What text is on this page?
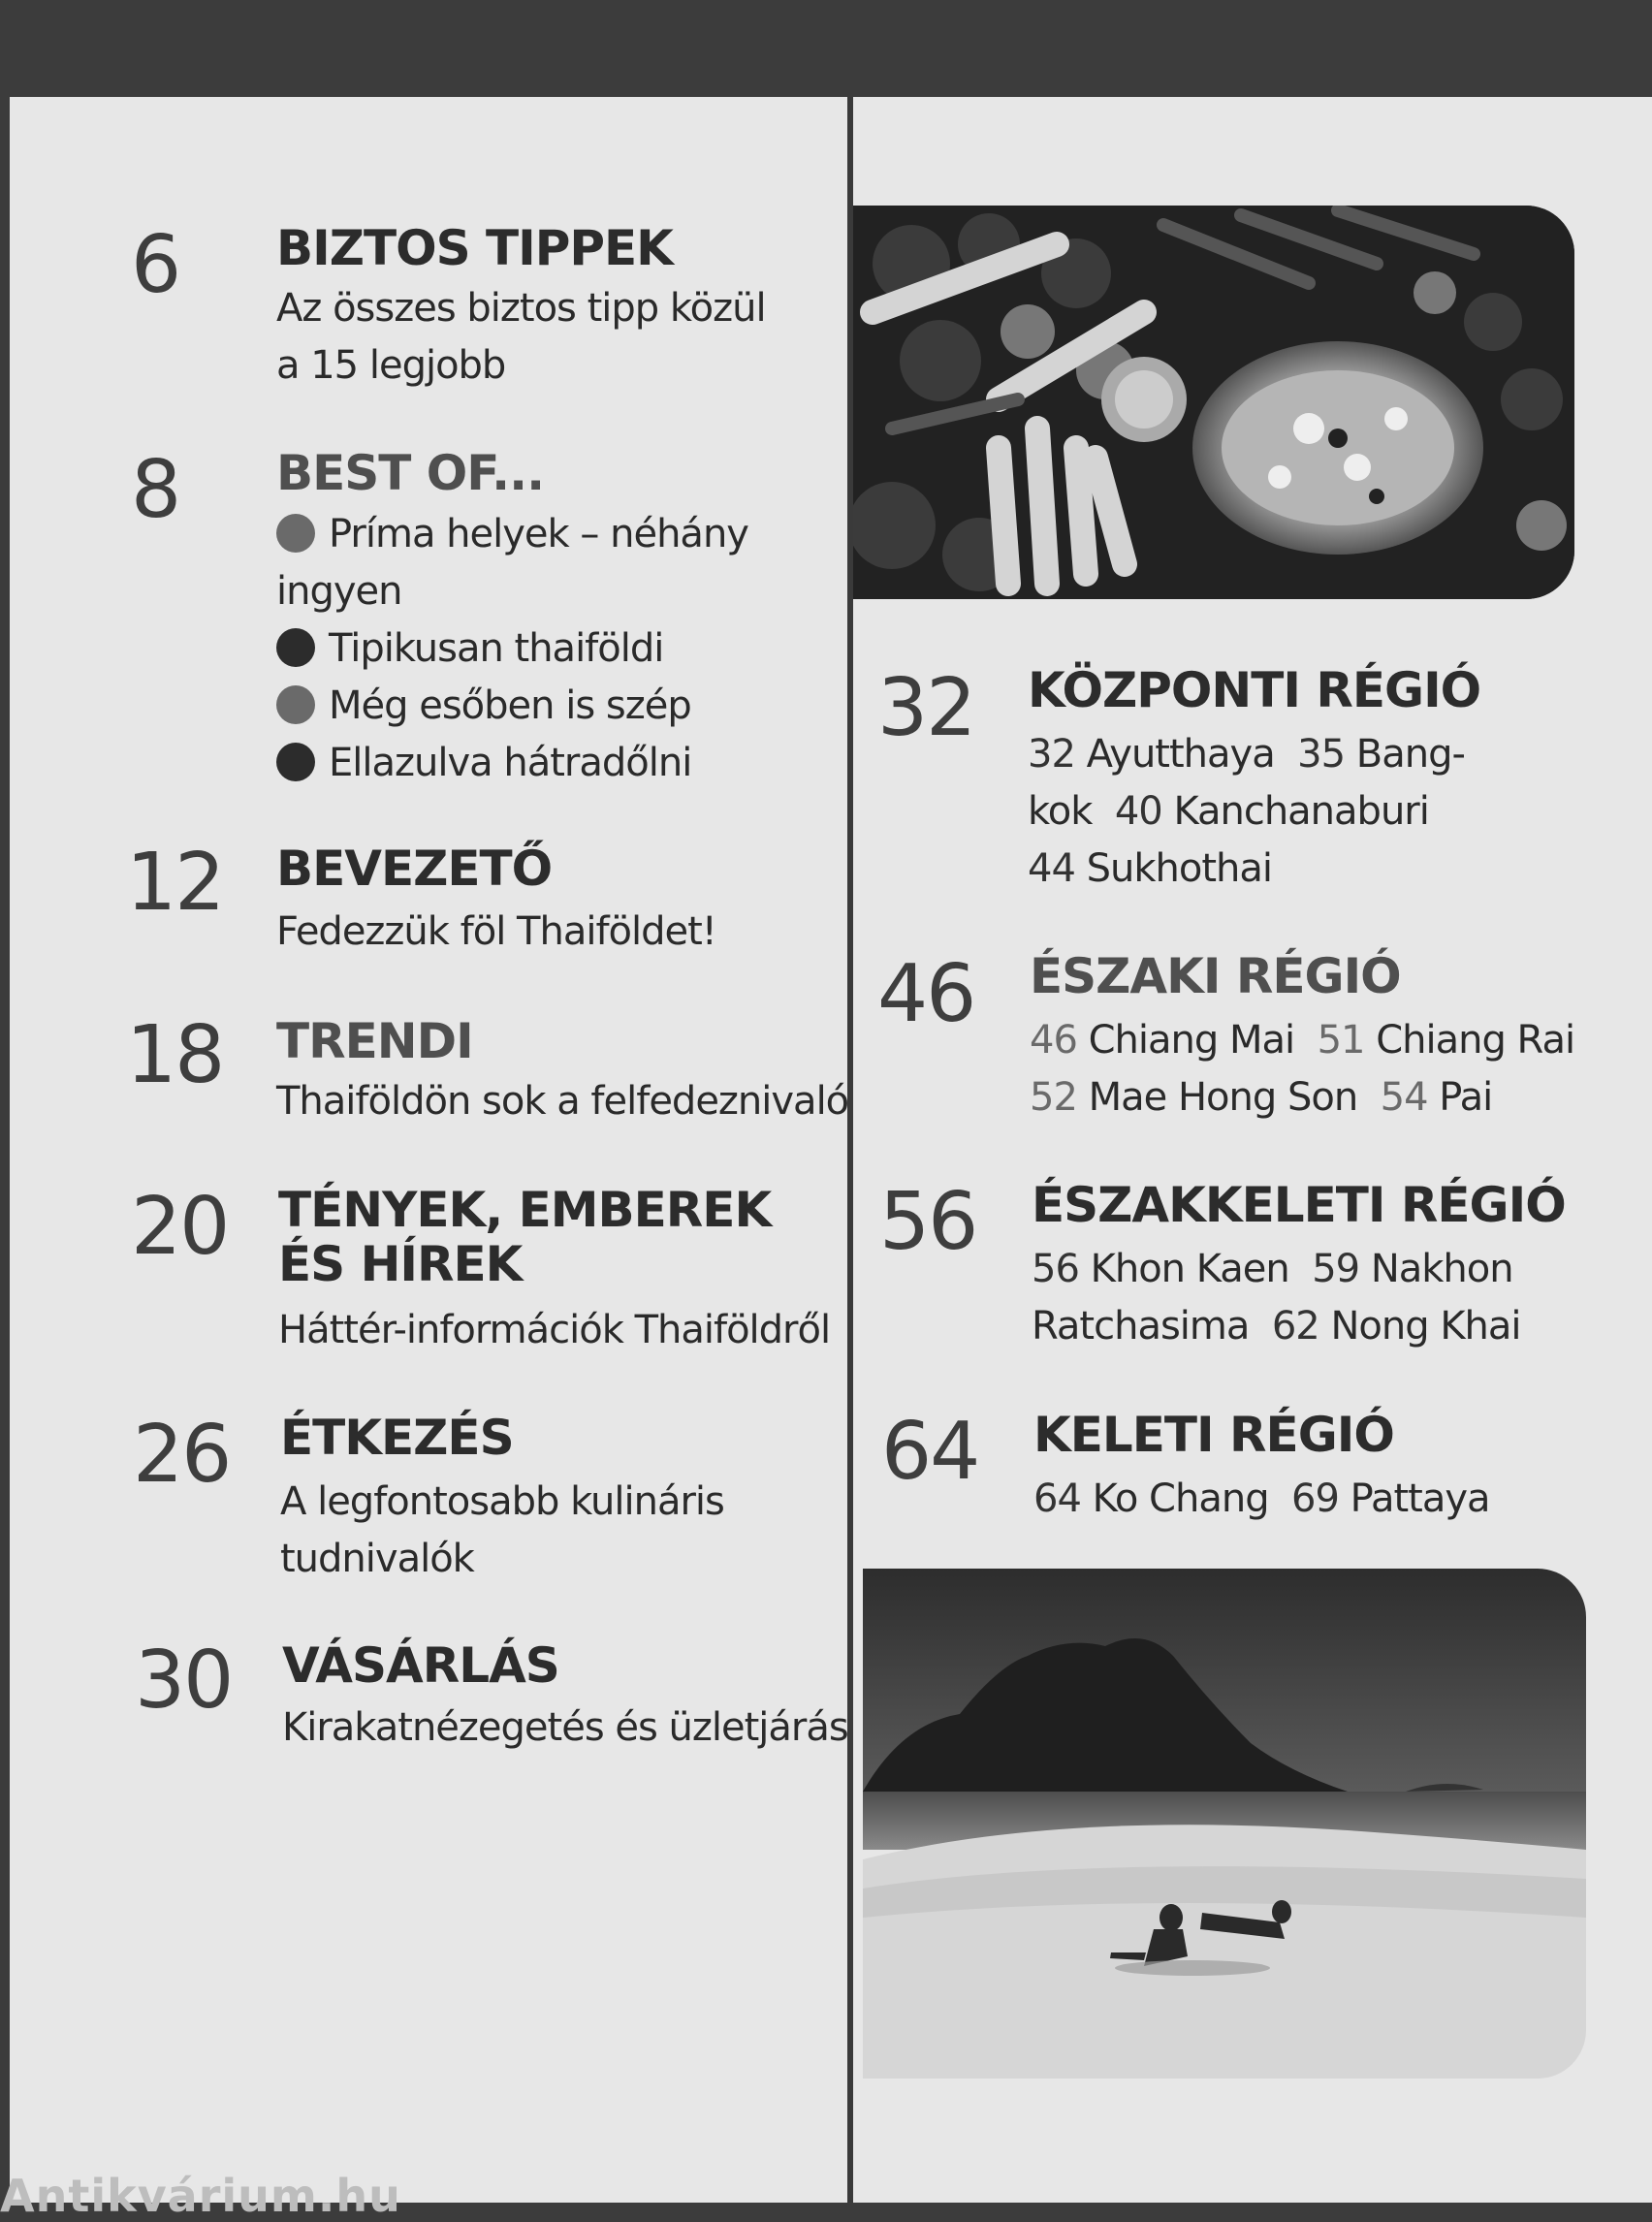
6 BIZTOS TIPPEK
Az összes biztos tipp közül
a 15 legjobb
8 BEST OF...
Príma helyek – néhány
ingyen
Tipikusan thaiföldi
Még esőben is szép
Ellazulva hátradőlni
12 BEVEZETŐ
Fedezzük föl Thaiföldet!
18 TRENDI
Thaiföldön sok a felfedeznivaló
20 TÉNYEK, EMBEREK
ÉS HÍREK
Háttér-információk Thaiföldről
26 ÉTKEZÉS
A legfontosabb kulináris
tudnivalók
30 VÁSÁRLÁS
Kirakatnézegetés és üzletjárás
32 KÖZPONTI RÉGIÓ
32 Ayutthaya 35 Bang-
kok 40 Kanchanaburi
44 Sukhothai
46 ÉSZAKI RÉGIÓ
46 Chiang Mai 51 Chiang Rai
52 Mae Hong Son 54 Pai
56 ÉSZAKKELETI RÉGIÓ
56 Khon Kaen 59 Nakhon
Ratchasima 62 Nong Khai
64 KELETI RÉGIÓ
64 Ko Chang 69 Pattaya
Antikvárium.hu
